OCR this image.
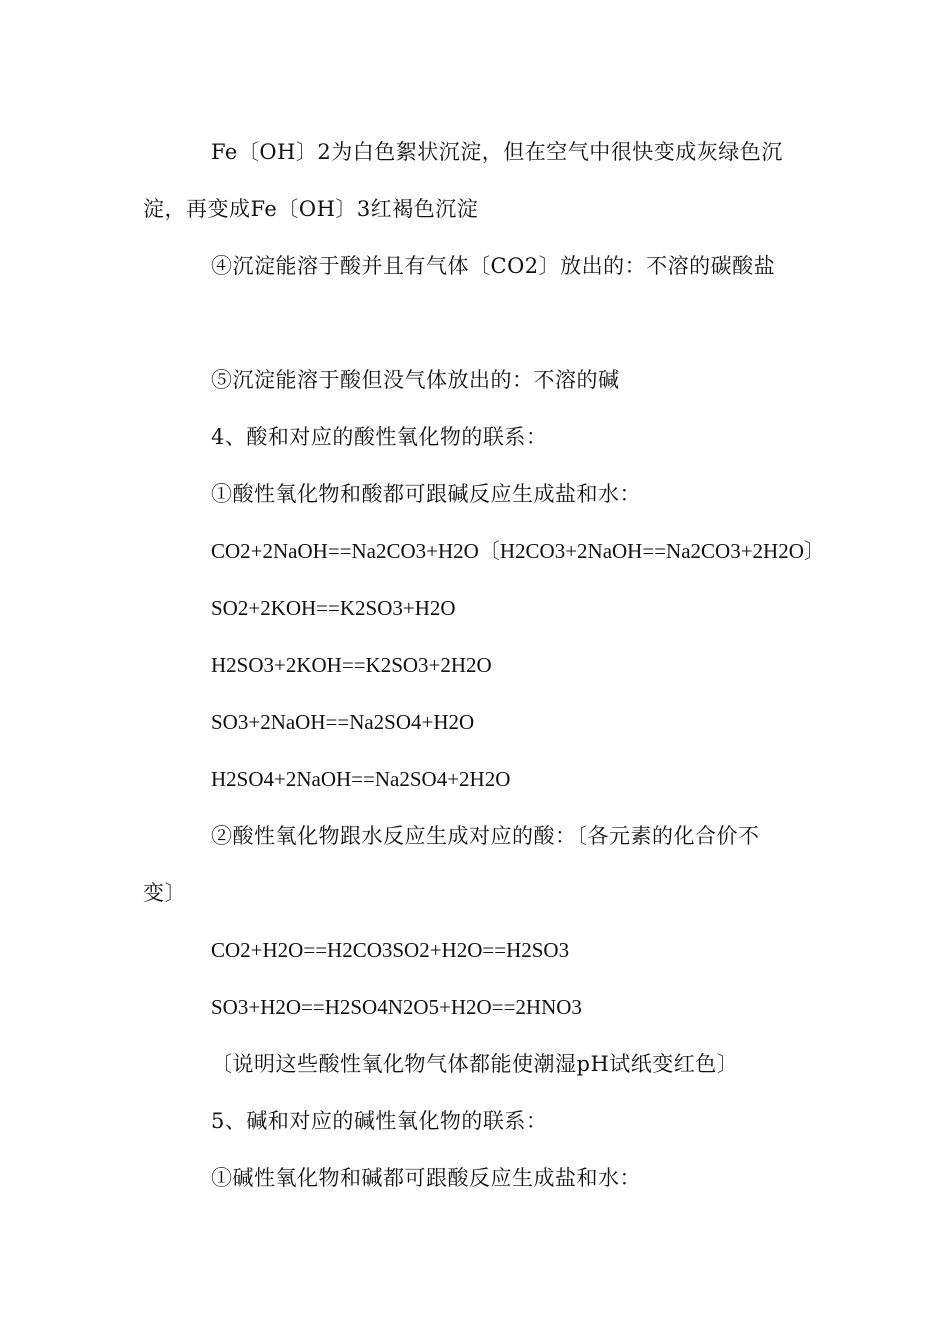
Fe〔OH〕2为白色絮状沉淀，但在空气中很快变成灰绿色沉
淀，再变成Fe〔OH〕3红褐色沉淀
④沉淀能溶于酸并且有气体〔CO2〕放出的：不溶的碳酸盐
⑤沉淀能溶于酸但没气体放出的：不溶的碱
4、酸和对应的酸性氧化物的联系：
①酸性氧化物和酸都可跟碱反应生成盐和水：
CO2+2NaOH==Na2CO3+H2O〔H2CO3+2NaOH==Na2CO3+2H2O〕
SO2+2KOH==K2SO3+H2O
H2SO3+2KOH==K2SO3+2H2O
SO3+2NaOH==Na2SO4+H2O
H2SO4+2NaOH==Na2SO4+2H2O
②酸性氧化物跟水反应生成对应的酸：〔各元素的化合价不
变〕
CO2+H2O==H2CO3SO2+H2O==H2SO3
SO3+H2O==H2SO4N2O5+H2O==2HNO3
〔说明这些酸性氧化物气体都能使潮湿pH试纸变红色〕
5、碱和对应的碱性氧化物的联系：
①碱性氧化物和碱都可跟酸反应生成盐和水：
